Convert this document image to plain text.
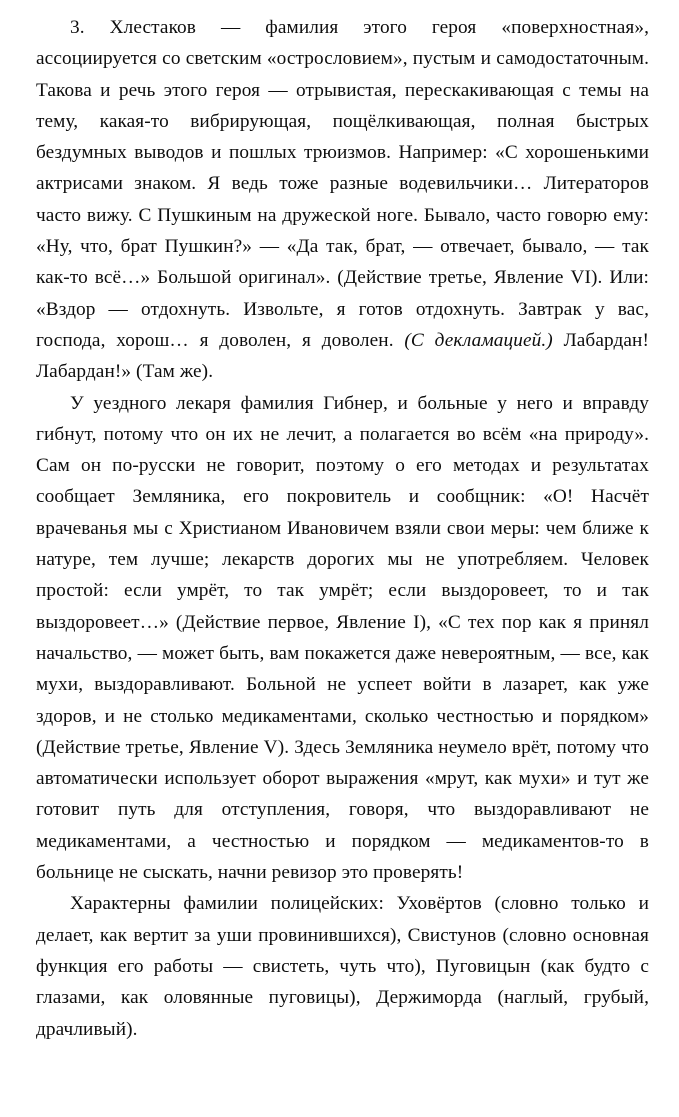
3. Хлестаков — фамилия этого героя «поверхностная», ассоциируется со светским «острословием», пустым и самодостаточным. Такова и речь этого героя — отрывистая, перескакивающая с темы на тему, какая-то вибрирующая, пощёлкивающая, полная быстрых бездумных выводов и пошлых трюизмов. Например: «С хорошенькими актрисами знаком. Я ведь тоже разные водевильчики… Литераторов часто вижу. С Пушкиным на дружеской ноге. Бывало, часто говорю ему: «Ну, что, брат Пушкин?» — «Да так, брат, — отвечает, бывало, — так как-то всё…» Большой оригинал». (Действие третье, Явление VI). Или: «Вздор — отдохнуть. Извольте, я готов отдохнуть. Завтрак у вас, господа, хорош… я доволен, я доволен. (С декламацией.) Лабардан! Лабардан!» (Там же).

У уездного лекаря фамилия Гибнер, и больные у него и вправду гибнут, потому что он их не лечит, а полагается во всём «на природу». Сам он по-русски не говорит, поэтому о его методах и результатах сообщает Земляника, его покровитель и сообщник: «О! Насчёт врачеванья мы с Христианом Ивановичем взяли свои меры: чем ближе к натуре, тем лучше; лекарств дорогих мы не употребляем. Человек простой: если умрёт, то так умрёт; если выздоровеет, то и так выздоровеет…» (Действие первое, Явление I), «С тех пор как я принял начальство, — может быть, вам покажется даже невероятным, — все, как мухи, выздоравливают. Больной не успеет войти в лазарет, как уже здоров, и не столько медикаментами, сколько честностью и порядком» (Действие третье, Явление V). Здесь Земляника неумело врёт, потому что автоматически использует оборот выражения «мрут, как мухи» и тут же готовит путь для отступления, говоря, что выздоравливают не медикаментами, а честностью и порядком — медикаментов-то в больнице не сыскать, начни ревизор это проверять!

Характерны фамилии полицейских: Уховёртов (словно только и делает, как вертит за уши провинившихся), Свистунов (словно основная функция его работы — свистеть, чуть что), Пуговицын (как будто с глазами, как оловянные пуговицы), Держиморда (наглый, грубый, драчливый).
